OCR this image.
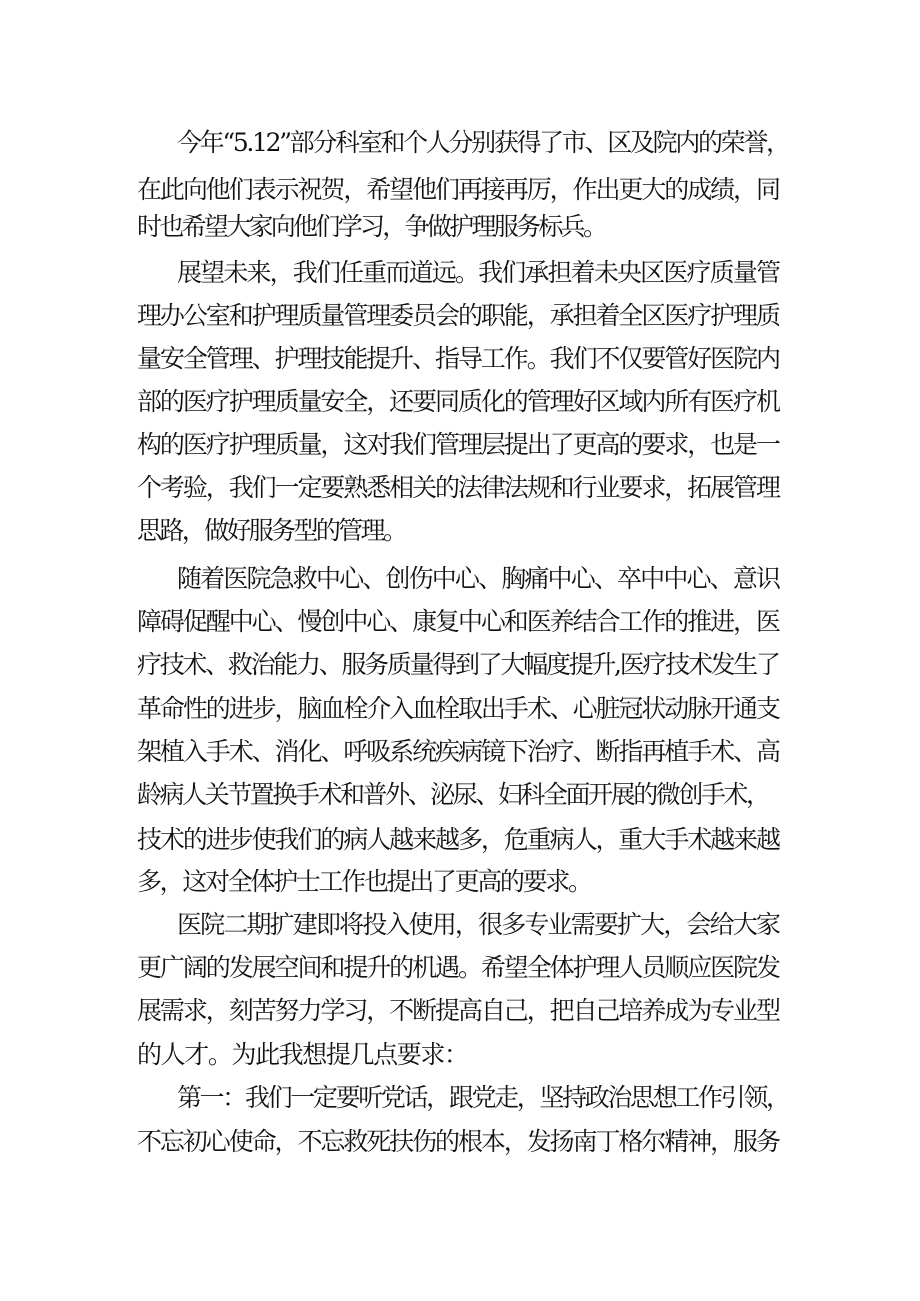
今年“5.12”部分科室和个人分别获得了市、区及院内的荣誉，
在此向他们表示祝贺，希望他们再接再厉，作出更大的成绩，同
时也希望大家向他们学习，争做护理服务标兵。
展望未来，我们任重而道远。我们承担着未央区医疗质量管
理办公室和护理质量管理委员会的职能，承担着全区医疗护理质
量安全管理、护理技能提升、指导工作。我们不仅要管好医院内
部的医疗护理质量安全，还要同质化的管理好区域内所有医疗机
构的医疗护理质量，这对我们管理层提出了更高的要求，也是一
个考验，我们一定要熟悉相关的法律法规和行业要求，拓展管理
思路，做好服务型的管理。
随着医院急救中心、创伤中心、胸痛中心、卒中中心、意识
障碍促醒中心、慢创中心、康复中心和医养结合工作的推进，医
疗技术、救治能力、服务质量得到了大幅度提升,医疗技术发生了
革命性的进步，脑血栓介入血栓取出手术、心脏冠状动脉开通支
架植入手术、消化、呼吸系统疾病镜下治疗、断指再植手术、高
龄病人关节置换手术和普外、泌尿、妇科全面开展的微创手术，
技术的进步使我们的病人越来越多，危重病人，重大手术越来越
多，这对全体护士工作也提出了更高的要求。
医院二期扩建即将投入使用，很多专业需要扩大，会给大家
更广阔的发展空间和提升的机遇。希望全体护理人员顺应医院发
展需求，刻苦努力学习，不断提高自己，把自己培养成为专业型
的人才。为此我想提几点要求：
第一：我们一定要听党话，跟党走，坚持政治思想工作引领，
不忘初心使命，不忘救死扶伤的根本，发扬南丁格尔精神，服务
